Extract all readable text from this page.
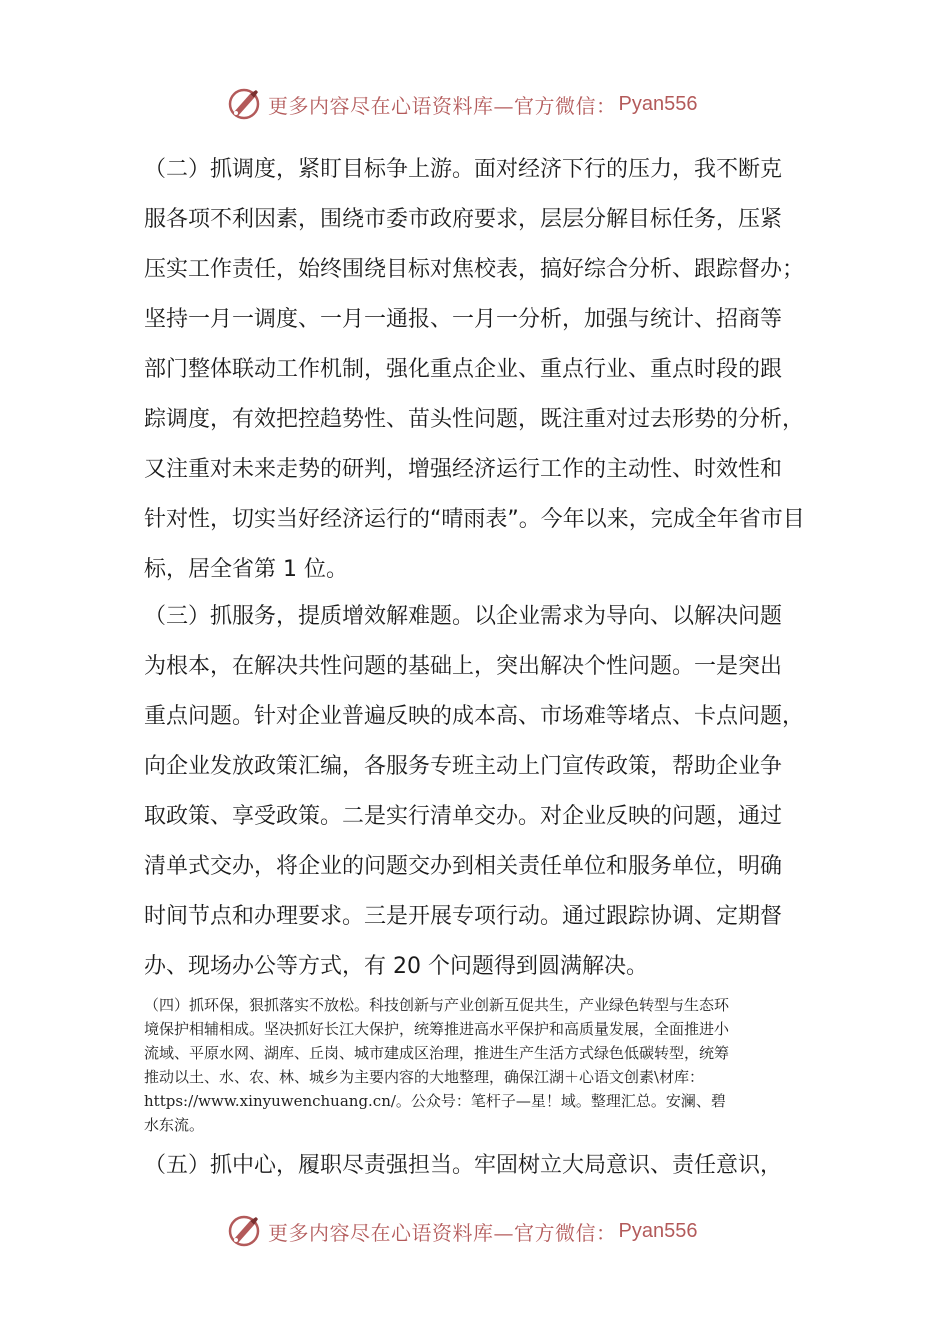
更多内容尽在心语资料库—官方微信： Pyan556
（二）抓调度，紧盯目标争上游。面对经济下行的压力，我不断克
服各项不利因素，围绕市委市政府要求，层层分解目标任务，压紧
压实工作责任，始终围绕目标对焦校表，搞好综合分析、跟踪督办；
坚持一月一调度、一月一通报、一月一分析，加强与统计、招商等
部门整体联动工作机制，强化重点企业、重点行业、重点时段的跟
踪调度，有效把控趋势性、苗头性问题，既注重对过去形势的分析，
又注重对未来走势的研判，增强经济运行工作的主动性、时效性和
针对性，切实当好经济运行的“晴雨表”。今年以来，完成全年省市目
标，居全省第 1 位。
（三）抓服务，提质增效解难题。以企业需求为导向、以解决问题
为根本，在解决共性问题的基础上，突出解决个性问题。一是突出
重点问题。针对企业普遍反映的成本高、市场难等堵点、卡点问题，
向企业发放政策汇编，各服务专班主动上门宣传政策，帮助企业争
取政策、享受政策。二是实行清单交办。对企业反映的问题，通过
清单式交办，将企业的问题交办到相关责任单位和服务单位，明确
时间节点和办理要求。三是开展专项行动。通过跟踪协调、定期督
办、现场办公等方式，有 20 个问题得到圆满解决。
（四）抓环保，狠抓落实不放松。科技创新与产业创新互促共生，产业绿色转型与生态环
境保护相辅相成。坚决抓好长江大保护，统筹推进高水平保护和高质量发展，全面推进小
流域、平原水网、湖库、丘岗、城市建成区治理，推进生产生活方式绿色低碳转型，统筹
推动以土、水、农、林、城乡为主要内容的大地整理，确保江湖＋心语文创素\材库：
https://www.xinyuwenchuang.cn/。公众号：笔杆子—星！域。整理汇总。安澜、碧
水东流。
（五）抓中心，履职尽责强担当。牢固树立大局意识、责任意识，
更多内容尽在心语资料库—官方微信： Pyan556
